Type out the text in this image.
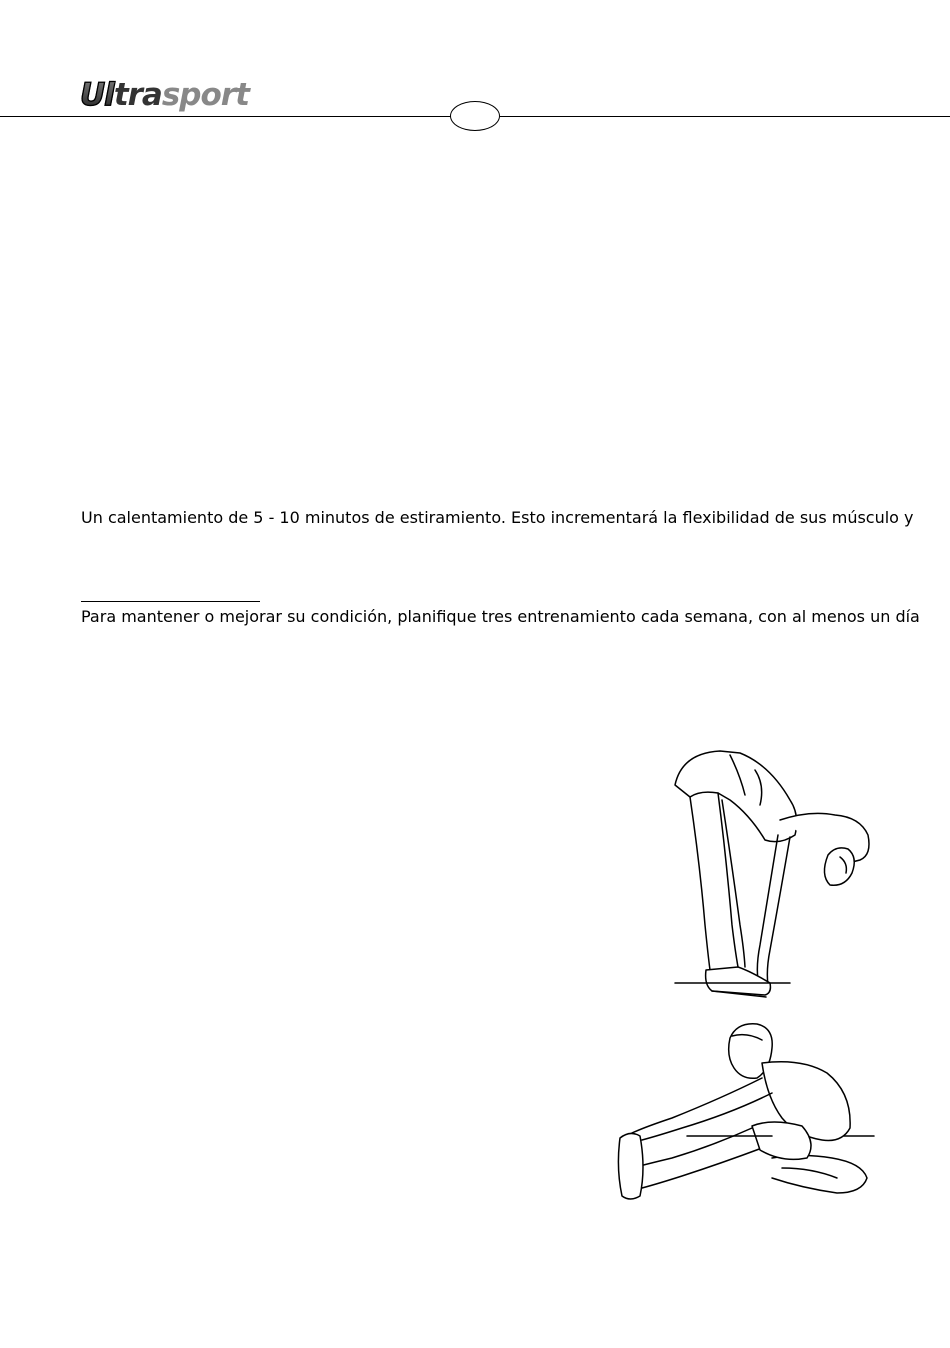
Ul tra sport
Un calentamiento de 5 - 10 minutos de estiramiento. Esto incrementará la flexibilidad de sus músculo y
Para mantener o mejorar su condición, planifique tres entrenamiento cada semana, con al menos un día
